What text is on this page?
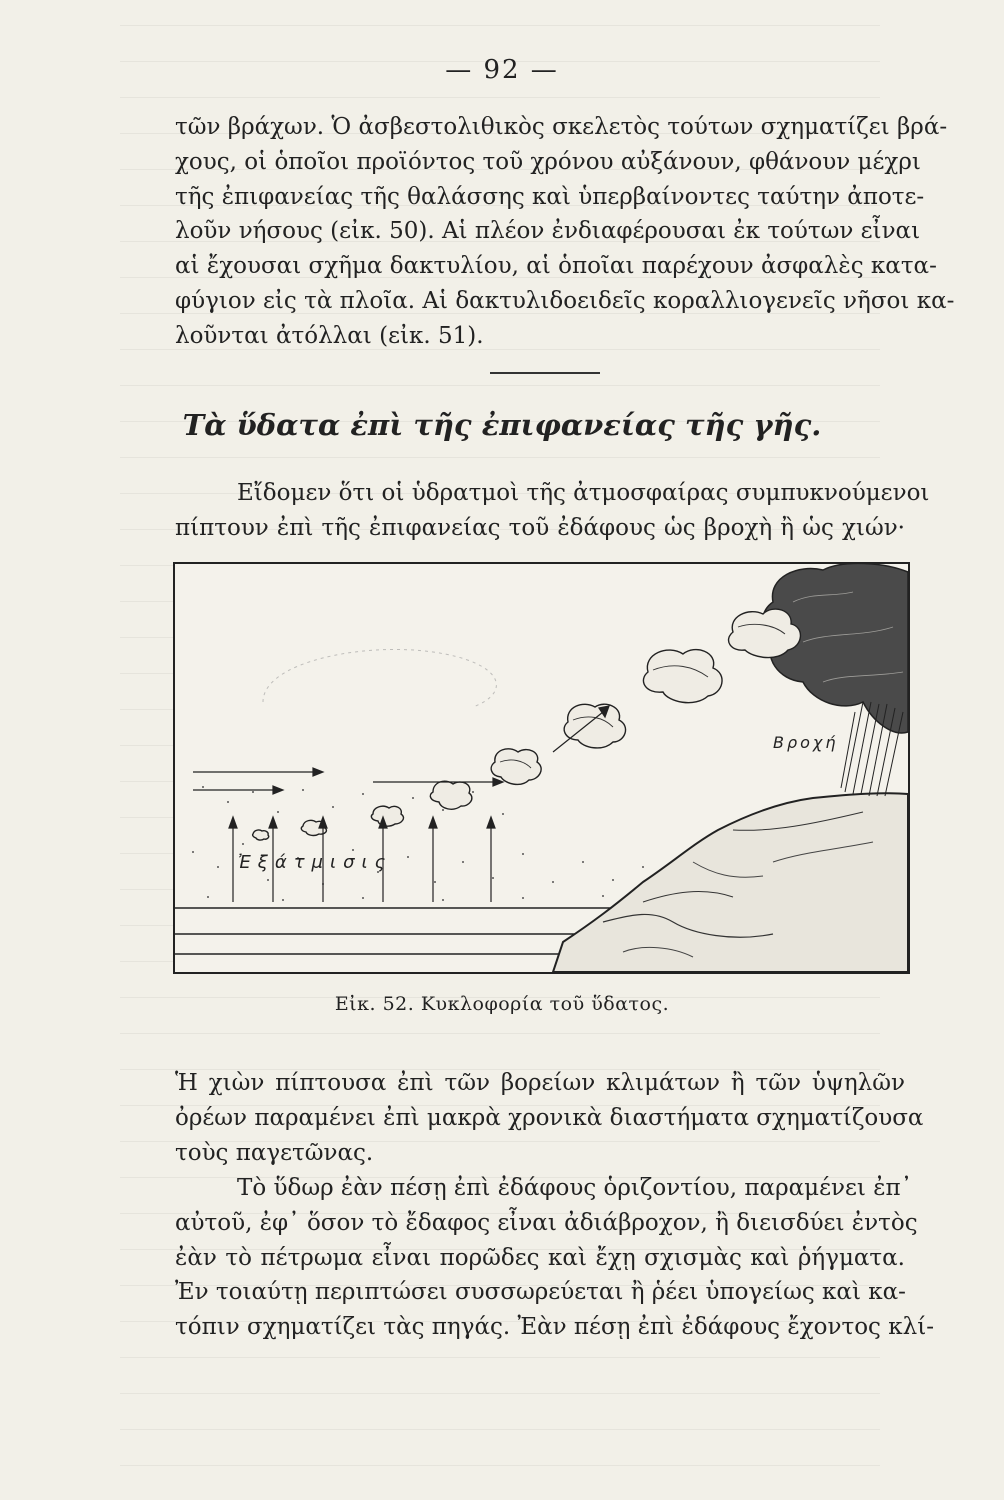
— 92 —
τῶν βράχων. Ὁ ἀσβεστολιθικὸς σκελετὸς τούτων σχηματίζει βρά-
χους, οἱ ὁποῖοι προϊόντος τοῦ χρόνου αὐξάνουν, φθάνουν μέχρι
τῆς ἐπιφανείας τῆς θαλάσσης καὶ ὑπερβαίνοντες ταύτην ἀποτε-
λοῦν νήσους (εἰκ. 50). Αἱ πλέον ἐνδιαφέρουσαι ἐκ τούτων εἶναι
αἱ ἔχουσαι σχῆμα δακτυλίου, αἱ ὁποῖαι παρέχουν ἀσφαλὲς κατα-
φύγιον εἰς τὰ πλοῖα. Αἱ δακτυλιδοειδεῖς κοραλλιογενεῖς νῆσοι κα-
λοῦνται ἀτόλλαι (εἰκ. 51).
Τὰ ὕδατα ἐπὶ τῆς ἐπιφανείας τῆς γῆς.
Εἴδομεν ὅτι οἱ ὑδρατμοὶ τῆς ἀτμοσφαίρας συμπυκνούμενοι
πίπτουν ἐπὶ τῆς ἐπιφανείας τοῦ ἐδάφους ὡς βροχὴ ἢ ὡς χιών·
Ἐξάτμισις
Βροχή
Εἰκ. 52. Κυκλοφορία τοῦ ὕδατος.
Ἡ χιὼν πίπτουσα ἐπὶ τῶν βορείων κλιμάτων ἢ τῶν ὑψηλῶν
ὀρέων παραμένει ἐπὶ μακρὰ χρονικὰ διαστήματα σχηματίζουσα
τοὺς παγετῶνας.
Τὸ ὕδωρ ἐὰν πέσῃ ἐπὶ ἐδάφους ὁριζοντίου, παραμένει ἐπ᾿
αὐτοῦ, ἐφ᾿ ὅσον τὸ ἔδαφος εἶναι ἀδιάβροχον, ἢ διεισδύει ἐντὸς
ἐὰν τὸ πέτρωμα εἶναι πορῶδες καὶ ἔχῃ σχισμὰς καὶ ῥήγματα.
Ἐν τοιαύτῃ περιπτώσει συσσωρεύεται ἢ ῥέει ὑπογείως καὶ κα-
τόπιν σχηματίζει τὰς πηγάς. Ἐὰν πέσῃ ἐπὶ ἐδάφους ἔχοντος κλί-
